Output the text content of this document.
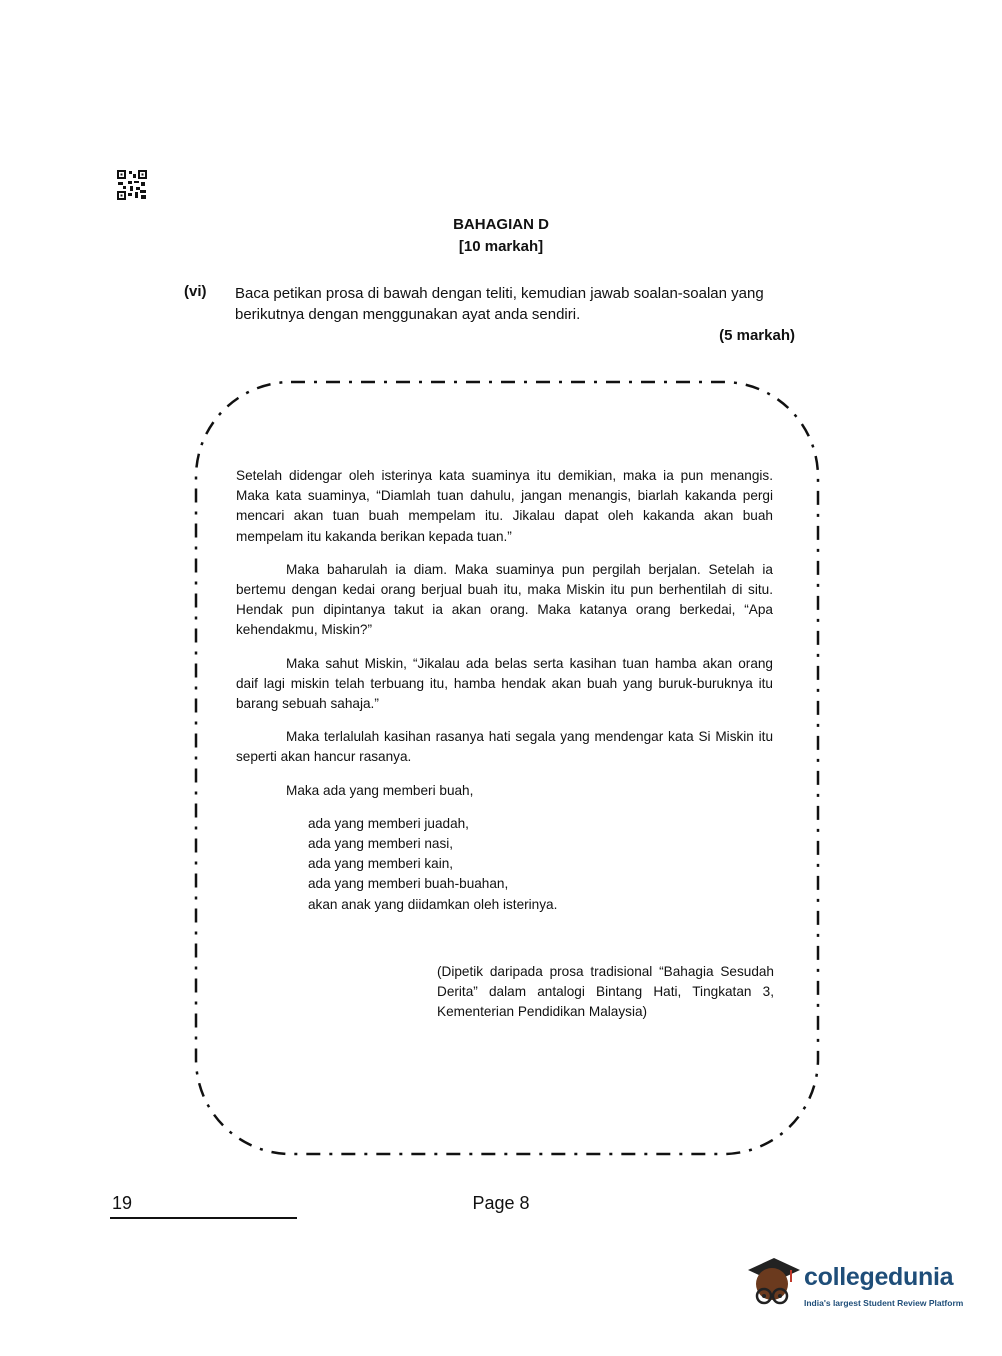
BAHAGIAN D
[10 markah]
(vi) Baca petikan prosa di bawah dengan teliti, kemudian jawab soalan-soalan yang berikutnya dengan menggunakan ayat anda sendiri.
(5 markah)

Setelah didengar oleh isterinya kata suaminya itu demikian, maka ia pun menangis. Maka kata suaminya, “Diamlah tuan dahulu, jangan menangis, biarlah kakanda pergi mencari akan tuan buah mempelam itu. Jikalau dapat oleh kakanda akan buah mempelam itu kakanda berikan kepada tuan.”

Maka baharulah ia diam. Maka suaminya pun pergilah berjalan. Setelah ia bertemu dengan kedai orang berjual buah itu, maka Miskin itu pun berhentilah di situ. Hendak pun dipintanya takut ia akan orang. Maka katanya orang berkedai, “Apa kehendakmu, Miskin?”

Maka sahut Miskin, “Jikalau ada belas serta kasihan tuan hamba akan orang daif lagi miskin telah terbuang itu, hamba hendak akan buah yang buruk-buruknya itu barang sebuah sahaja.”

Maka terlalulah kasihan rasanya hati segala yang mendengar kata Si Miskin itu seperti akan hancur rasanya.

Maka ada yang memberi buah,

ada yang memberi juadah,
ada yang memberi nasi,
ada yang memberi kain,
ada yang memberi buah-buahan,
akan anak yang diidamkan oleh isterinya.
(Dipetik daripada prosa tradisional “Bahagia Sesudah Derita” dalam antalogi Bintang Hati, Tingkatan 3, Kementerian Pendidikan Malaysia)
19	Page 8
collegedunia
India's largest Student Review Platform
